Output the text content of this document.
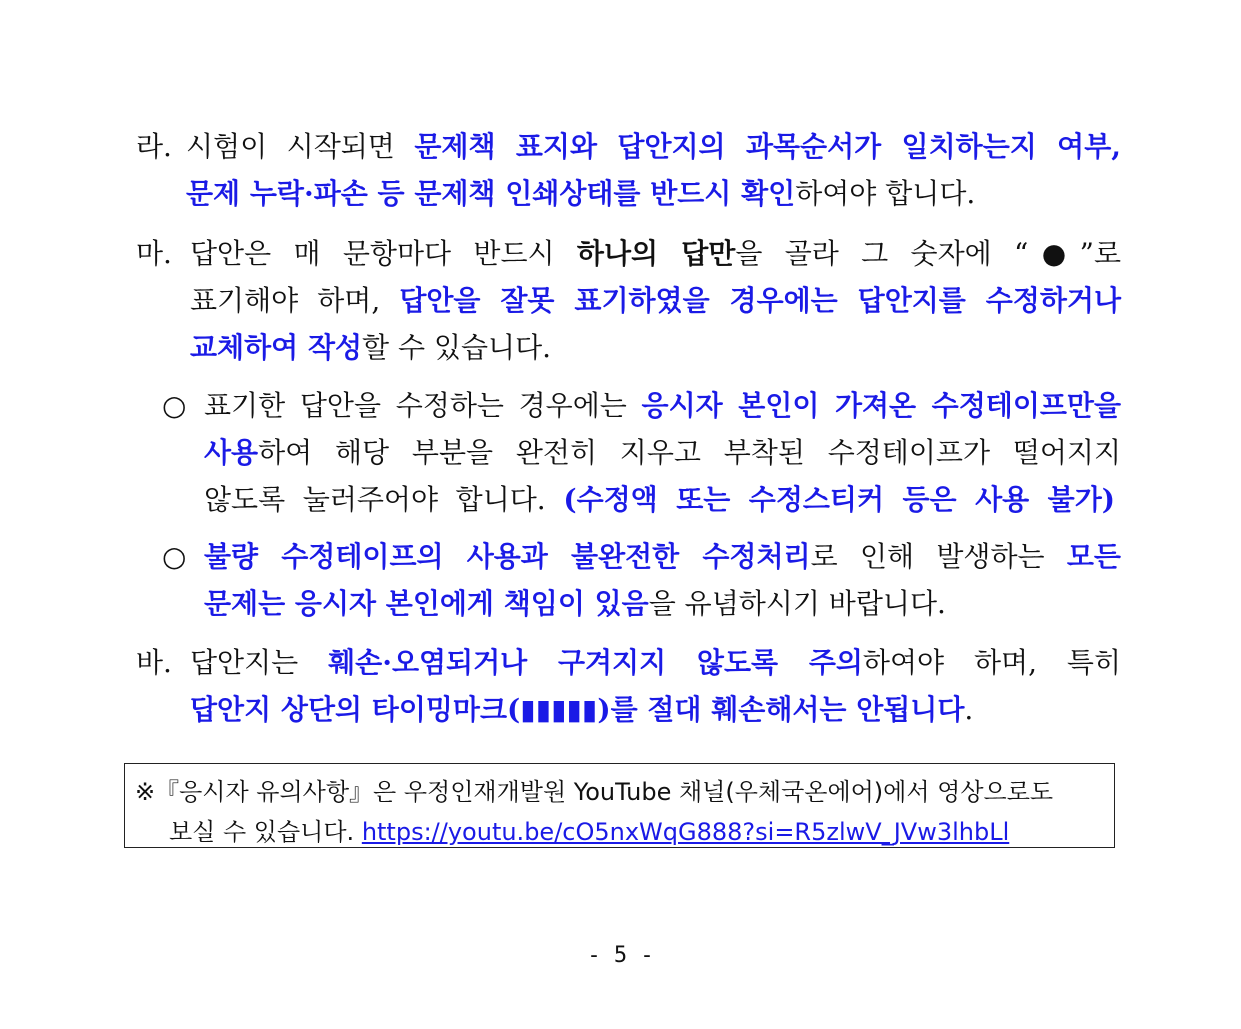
라. 시험이 시작되면 문제책 표지와 답안지의 과목순서가 일치하는지 여부,
문제 누락·파손 등 문제책 인쇄상태를 반드시 확인하여야 합니다.
마. 답안은 매 문항마다 반드시 하나의 답만을 골라 그 숫자에 “●”로
표기해야 하며, 답안을 잘못 표기하였을 경우에는 답안지를 수정하거나
교체하여 작성할 수 있습니다.
○ 표기한 답안을 수정하는 경우에는 응시자 본인이 가져온 수정테이프만을
사용하여 해당 부분을 완전히 지우고 부착된 수정테이프가 떨어지지
않도록 눌러주어야 합니다. (수정액 또는 수정스티커 등은 사용 불가)
○ 불량 수정테이프의 사용과 불완전한 수정처리로 인해 발생하는 모든
문제는 응시자 본인에게 책임이 있음을 유념하시기 바랍니다.
바. 답안지는 훼손·오염되거나 구겨지지 않도록 주의하여야 하며, 특히
답안지 상단의 타이밍마크(▮▮▮▮▮)를 절대 훼손해서는 안됩니다.
※『응시자 유의사항』은 우정인재개발원 YouTube 채널(우체국온에어)에서 영상으로도
보실 수 있습니다. https://youtu.be/cO5nxWqG888?si=R5zlwV_JVw3lhbLl
- 5 -
